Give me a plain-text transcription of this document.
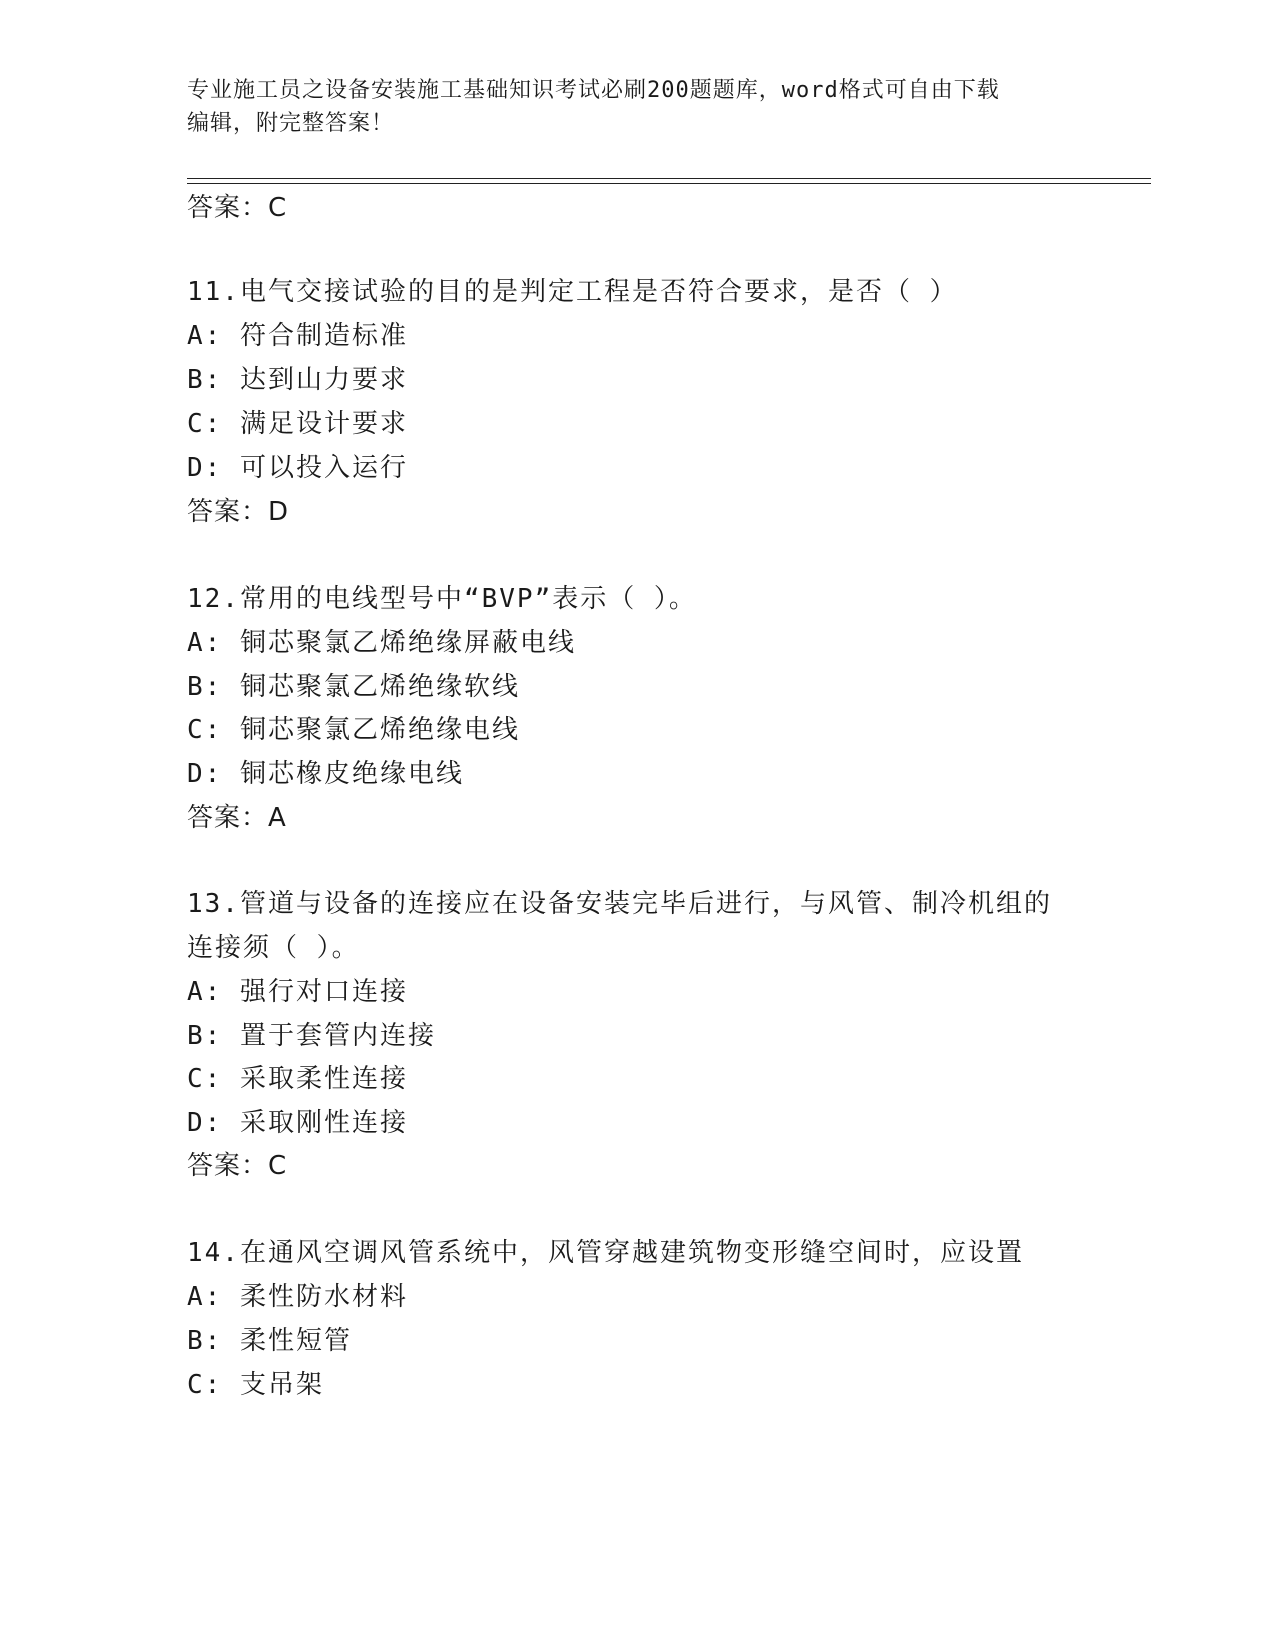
专业施工员之设备安装施工基础知识考试必刷200题题库，word格式可自由下载
编辑，附完整答案！
答案：C
11.电气交接试验的目的是判定工程是否符合要求，是否（ ）
A: 符合制造标准
B: 达到山力要求
C: 满足设计要求
D: 可以投入运行
答案：D
12.常用的电线型号中“BVP”表示（ ）。
A: 铜芯聚氯乙烯绝缘屏蔽电线
B: 铜芯聚氯乙烯绝缘软线
C: 铜芯聚氯乙烯绝缘电线
D: 铜芯橡皮绝缘电线
答案：A
13.管道与设备的连接应在设备安装完毕后进行，与风管、制冷机组的
连接须（ ）。
A: 强行对口连接
B: 置于套管内连接
C: 采取柔性连接
D: 采取刚性连接
答案：C
14.在通风空调风管系统中，风管穿越建筑物变形缝空间时，应设置
A: 柔性防水材料
B: 柔性短管
C: 支吊架
